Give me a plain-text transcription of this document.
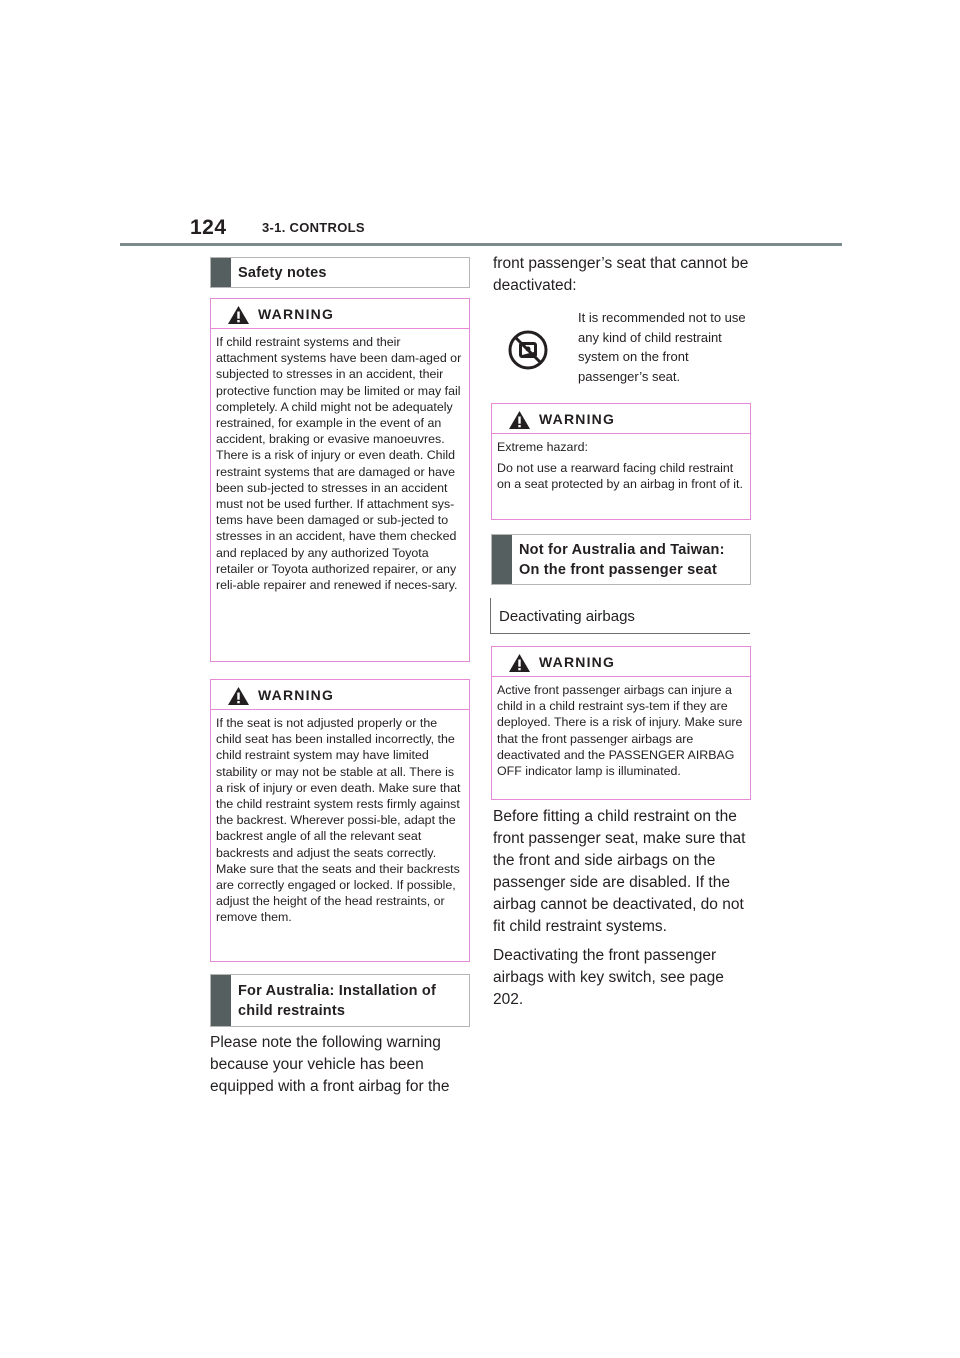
124	3-1. CONTROLS
Safety notes
WARNING

If child restraint systems and their attachment systems have been dam-aged or subjected to stresses in an accident, their protective function may be limited or may fail completely. A child might not be adequately restrained, for example in the event of an accident, braking or evasive manoeuvres. There is a risk of injury or even death. Child restraint systems that are damaged or have been sub-jected to stresses in an accident must not be used further. If attachment sys-tems have been damaged or sub-jected to stresses in an accident, have them checked and replaced by any authorized Toyota retailer or Toyota authorized repairer, or any reli-able repairer and renewed if neces-sary.

WARNING

If the seat is not adjusted properly or the child seat has been installed incorrectly, the child restraint system may have limited stability or may not be stable at all. There is a risk of injury or even death. Make sure that the child restraint system rests firmly against the backrest. Wherever possi-ble, adapt the backrest angle of all the relevant seat backrests and adjust the seats correctly. Make sure that the seats and their backrests are correctly engaged or locked. If possible, adjust the height of the head restraints, or remove them.

For Australia: Installation of child restraints

Please note the following warning because your vehicle has been equipped with a front airbag for the

front passenger’s seat that cannot be deactivated:

It is recommended not to use any kind of child restraint system on the front passenger’s seat.
WARNING

Extreme hazard:

Do not use a rearward facing child restraint on a seat protected by an airbag in front of it.

Not for Australia and Taiwan: On the front passenger seat
Deactivating airbags
WARNING

Active front passenger airbags can injure a child in a child restraint sys-tem if they are deployed. There is a risk of injury. Make sure that the front passenger airbags are deactivated and the PASSENGER AIRBAG OFF indicator lamp is illuminated.

Before fitting a child restraint on the front passenger seat, make sure that the front and side airbags on the passenger side are disabled. If the airbag cannot be deactivated, do not fit child restraint systems.

Deactivating the front passenger airbags with key switch, see page 202.
